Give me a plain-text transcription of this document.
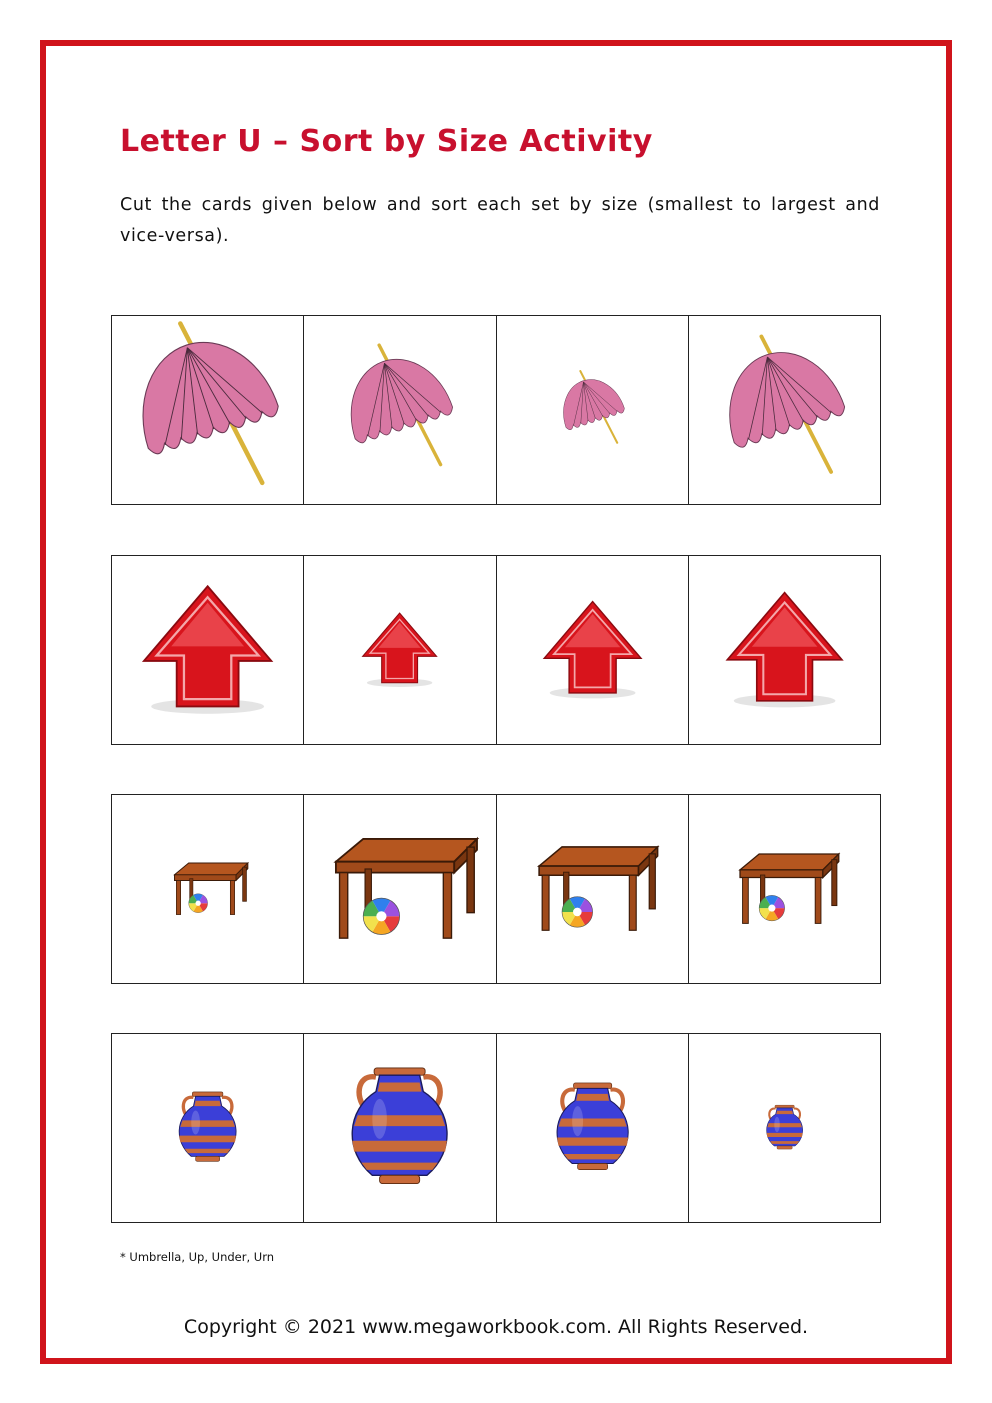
Letter U – Sort by Size Activity

Cut the cards given below and sort each set by size (smallest to largest and vice-versa).

* Umbrella, Up, Under, Urn

Copyright © 2021 www.megaworkbook.com. All Rights Reserved.
